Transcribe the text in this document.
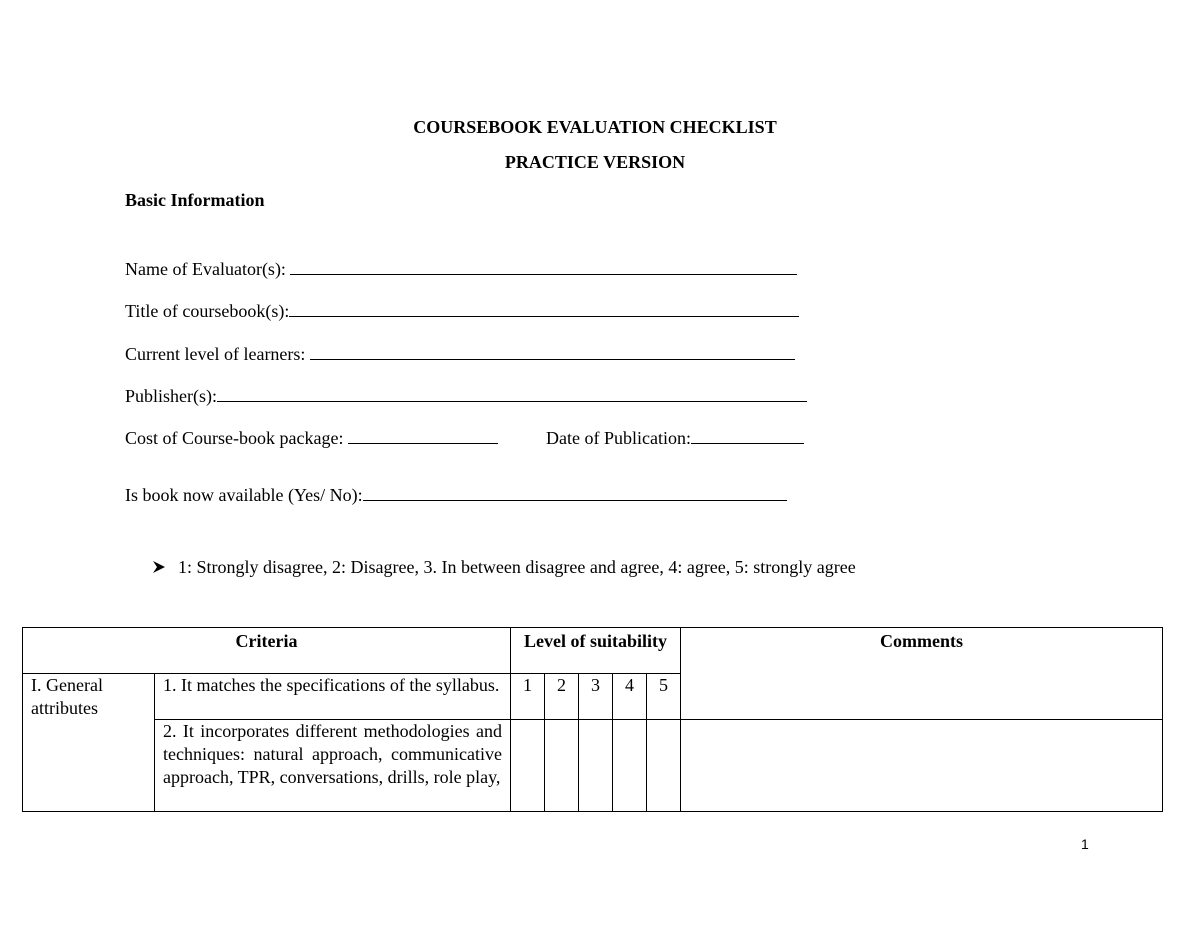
COURSEBOOK EVALUATION CHECKLIST
PRACTICE VERSION
Basic Information
Name of Evaluator(s):
Title of coursebook(s):
Current level of learners:
Publisher(s):
Cost of Course-book package:	Date of Publication:
Is book now available (Yes/ No):
1: Strongly disagree, 2: Disagree, 3. In between disagree and agree, 4: agree, 5: strongly agree
Criteria		Level of suitability					Comments
I. General attributes	1. It matches the specifications of the syllabus.	1	2	3	4	5	

	2. It incorporates different methodologies and techniques: natural approach, communicative approach, TPR, conversations, drills, role play,						

1
